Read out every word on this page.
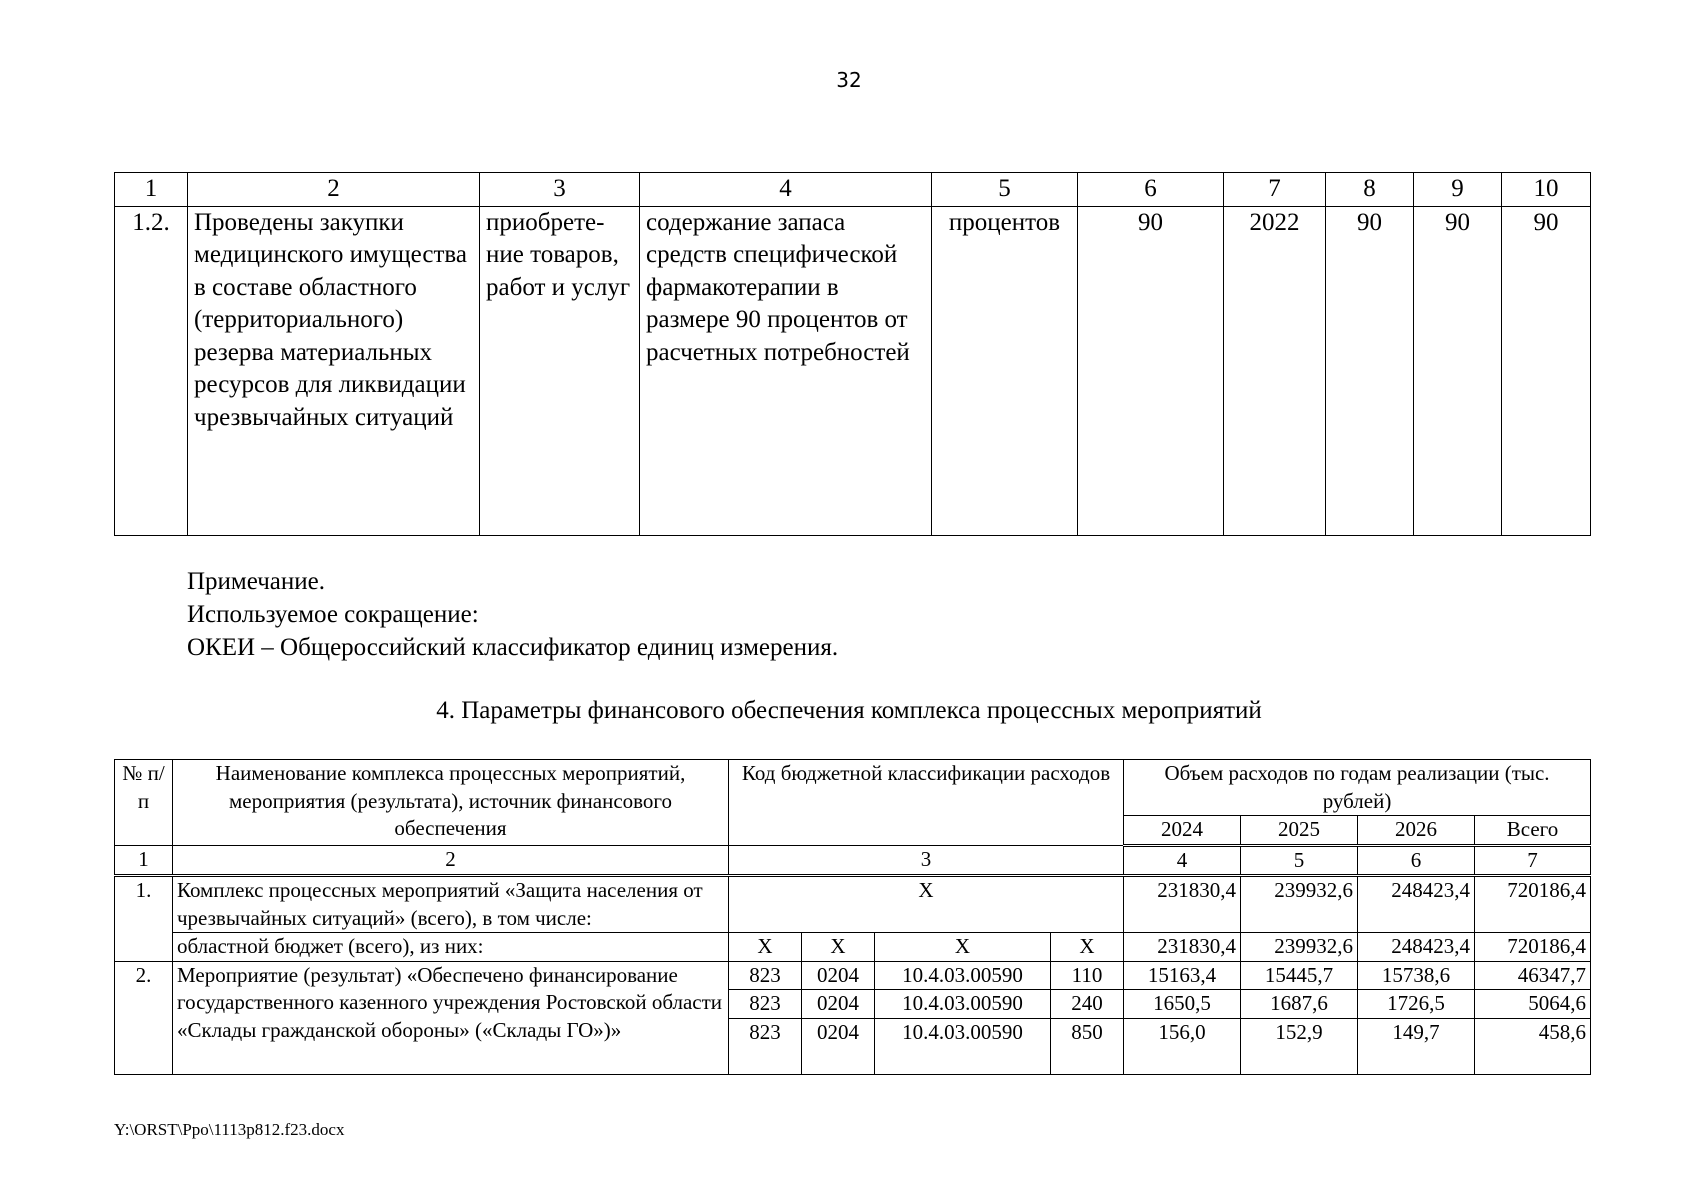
32
1	2	3	4	5	6	7	8	9	10
1.2.	Проведены закупки медицинского имущества в составе областного (территориального) резерва материальных ресурсов для ликвидации чрезвычайных ситуаций	приобрете-ние товаров, работ и услуг	содержание запаса средств специфической фармакотерапии в размере 90 процентов от расчетных потребностей	процентов	90	2022	90	90	90
Примечание.
Используемое сокращение:
ОКЕИ – Общероссийский классификатор единиц измерения.
4. Параметры финансового обеспечения комплекса процессных мероприятий
№ п/п	Наименование комплекса процессных мероприятий, мероприятия (результата), источник финансового обеспечения	Код бюджетной классификации расходов				Объем расходов по годам реализации (тыс. рублей)			
						2024	2025	2026	Всего
1	2	3				4	5	6	7
1.	Комплекс процессных мероприятий «Защита населения от чрезвычайных ситуаций» (всего), в том числе:	Х				231830,4	239932,6	248423,4	720186,4
	областной бюджет (всего), из них:	Х	Х	Х	Х	231830,4	239932,6	248423,4	720186,4
2.	Мероприятие (результат) «Обеспечено финансирование государственного казенного учреждения Ростовской области «Склады гражданской обороны» («Склады ГО»)»	823	0204	10.4.03.00590	110	15163,4	15445,7	15738,6	46347,7
		823	0204	10.4.03.00590	240	1650,5	1687,6	1726,5	5064,6
		823	0204	10.4.03.00590	850	156,0	152,9	149,7	458,6
Y:\ORST\Ppo\1113p812.f23.docx
